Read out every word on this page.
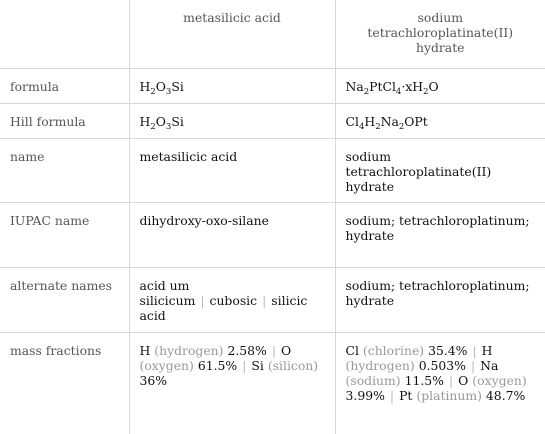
	metasilicic acid	sodium tetrachloroplatinate(II) hydrate
formula	$H_2O_3Si$	$Na_2PtCl_4\cdot xH_2O$
Hill formula	$H_2O_3Si$	$Cl_4H_2Na_2OPt$
name	metasilicic acid	sodium tetrachloroplatinate(II) hydrate
IUPAC name	dihydroxy-oxo-silane	sodium; tetrachloroplatinum; hydrate
alternate names	acid um silicicum | cubosic | silicic acid	sodium; tetrachloroplatinum; hydrate
mass fractions	H (hydrogen) 2.58% | O (oxygen) 61.5% | Si (silicon) 36%	Cl (chlorine) 35.4% | H (hydrogen) 0.503% | Na (sodium) 11.5% | O (oxygen) 3.99% | Pt (platinum) 48.7%
